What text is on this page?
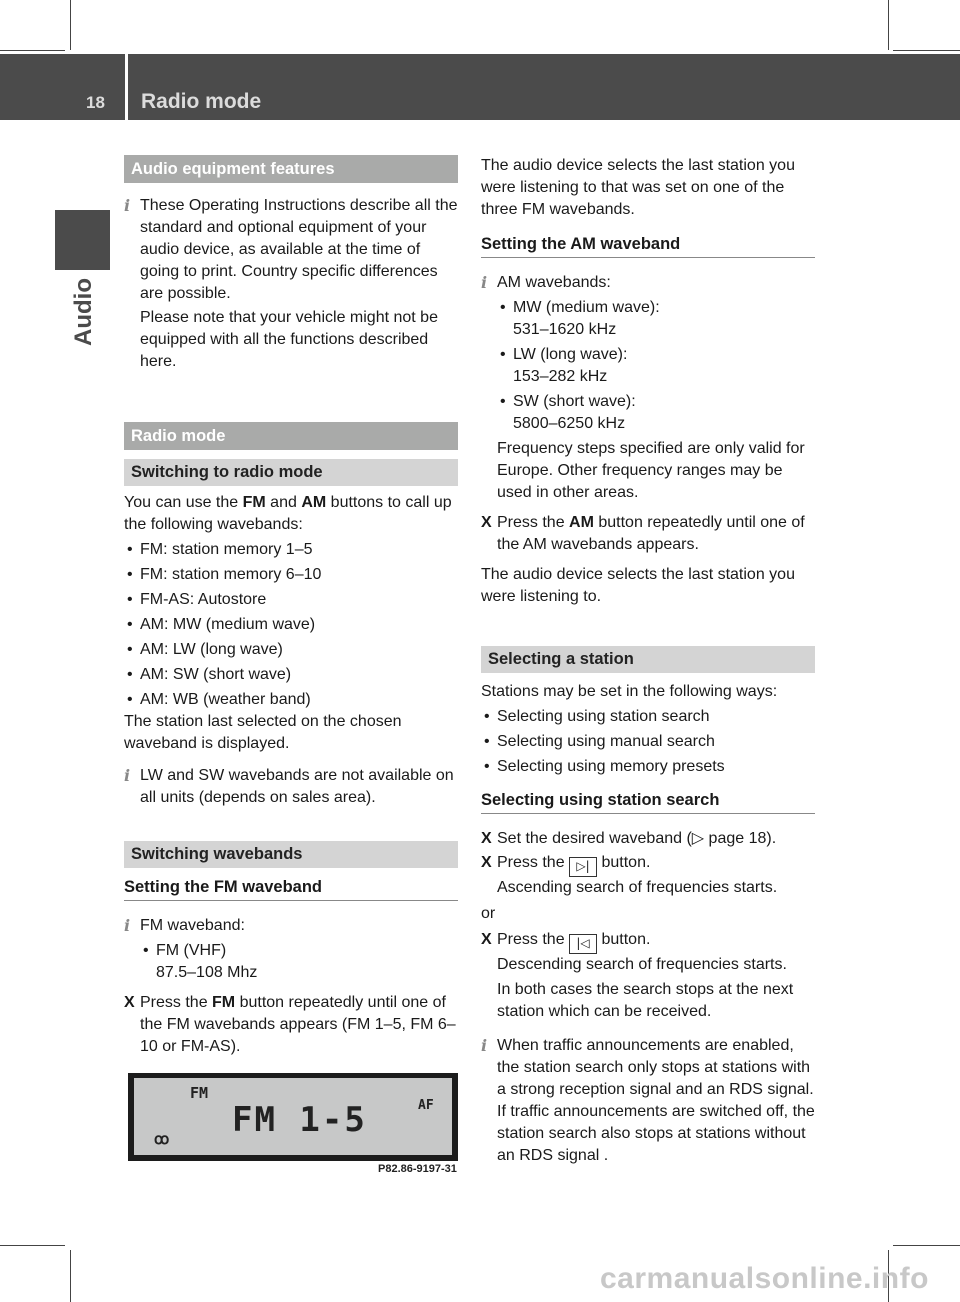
18 Radio mode
Audio
Audio equipment features
i These Operating Instructions describe all the standard and optional equipment of your audio device, as available at the time of going to print. Country specific differences are possible.

Please note that your vehicle might not be equipped with all the functions described here.

Radio mode
Switching to radio mode

You can use the FM and AM buttons to call up the following wavebands:

• FM: station memory 1–5
• FM: station memory 6–10
• FM-AS: Autostore
• AM: MW (medium wave)
• AM: LW (long wave)
• AM: SW (short wave)
• AM: WB (weather band)

The station last selected on the chosen waveband is displayed.

i LW and SW wavebands are not available on all units (depends on sales area).

Switching wavebands
Setting the FM waveband
i FM waveband:

• FM (VHF)
87.5–108 Mhz
X Press the FM button repeatedly until one of the FM wavebands appears (FM 1–5, FM 6–10 or FM-AS).

FM
FM 1-5	AF
ꝏ
P82.86-9197-31

The audio device selects the last station you were listening to that was set on one of the three FM wavebands.

Setting the AM waveband
i AM wavebands:

• MW (medium wave):
531–1620 kHz
• LW (long wave):
153–282 kHz
• SW (short wave):
5800–6250 kHz

Frequency steps specified are only valid for Europe. Other frequency ranges may be used in other areas.

X Press the AM button repeatedly until one of the AM wavebands appears.

The audio device selects the last station you were listening to.

Selecting a station

Stations may be set in the following ways:

• Selecting using station search
• Selecting using manual search
• Selecting using memory presets
Selecting using station search
X Set the desired waveband (▷ page 18).

X Press the ▷| button.

Ascending search of frequencies starts.

or

X Press the |◁ button.

Descending search of frequencies starts.

In both cases the search stops at the next station which can be received.

i When traffic announcements are enabled, the station search only stops at stations with a strong reception signal and an RDS signal. If traffic announcements are switched off, the station search also stops at stations without an RDS signal .

carmanualsonline.info
